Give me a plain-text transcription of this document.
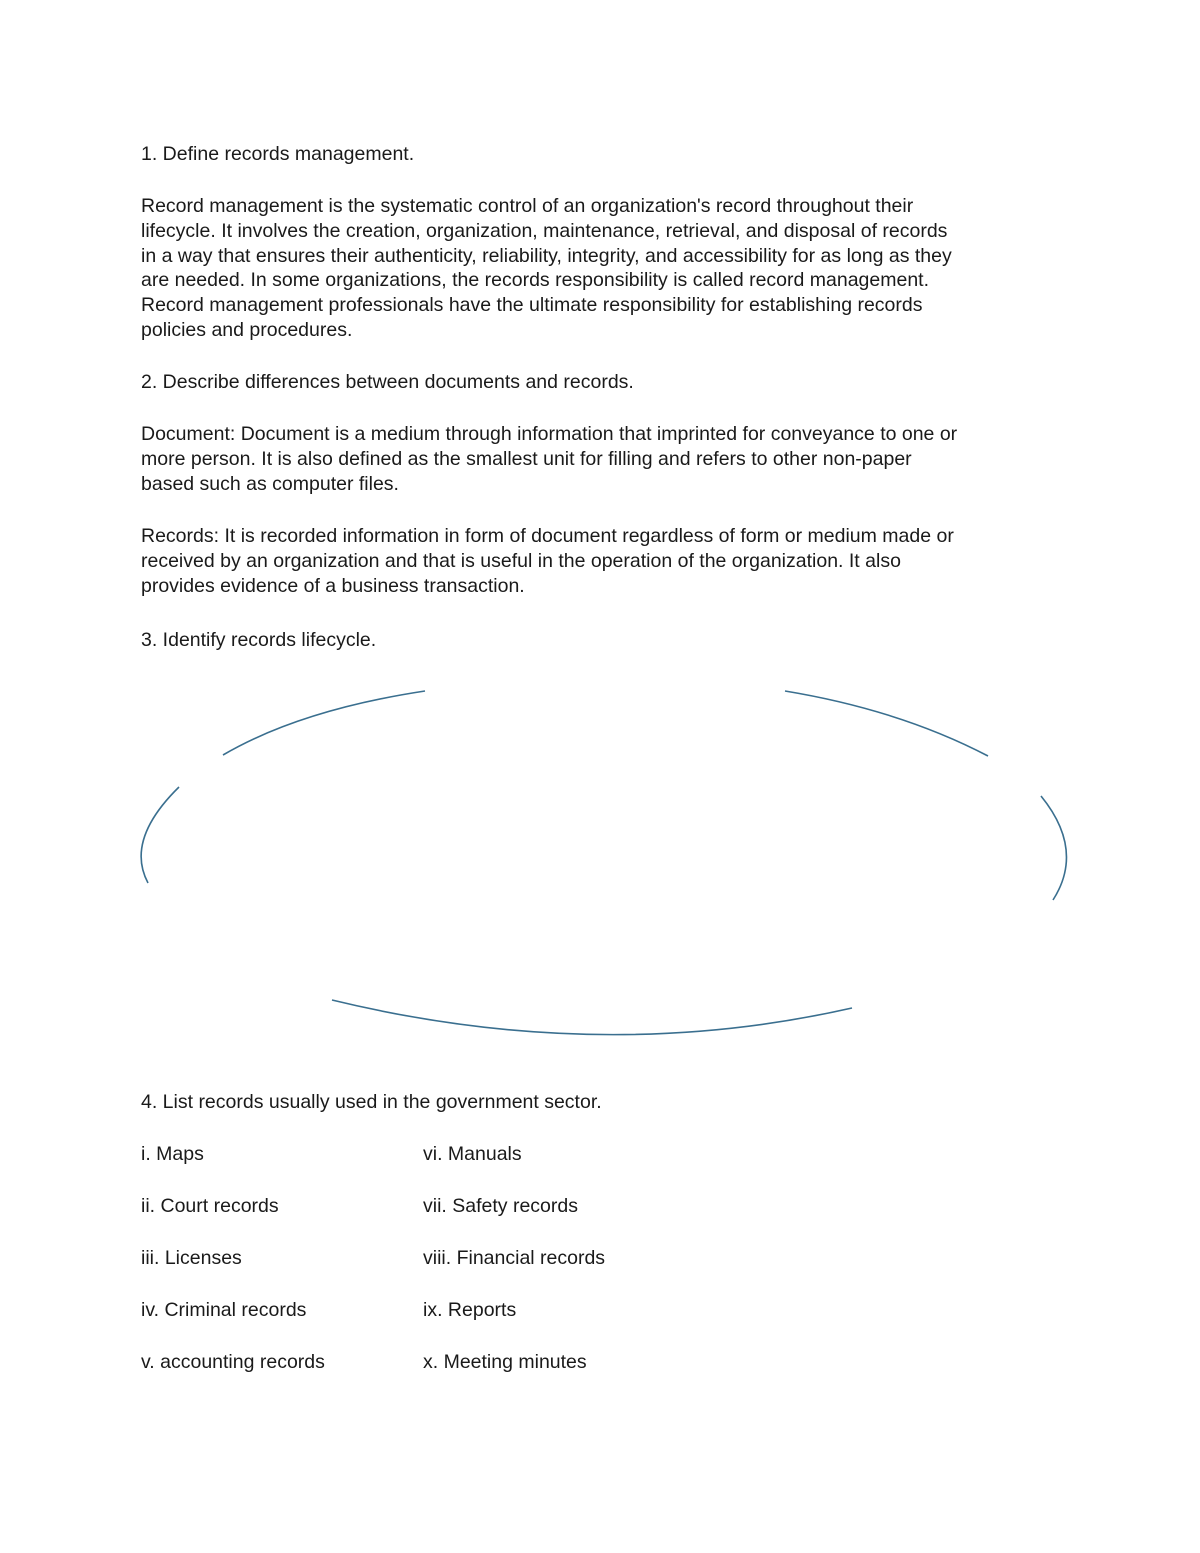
1. Define records management.

Record management is the systematic control of an organization's record throughout their
lifecycle. It involves the creation, organization, maintenance, retrieval, and disposal of records
in a way that ensures their authenticity, reliability, integrity, and accessibility for as long as they
are needed. In some organizations, the records responsibility is called record management.
Record management professionals have the ultimate responsibility for establishing records
policies and procedures.

2. Describe differences between documents and records.

Document: Document is a medium through information that imprinted for conveyance to one or
more person. It is also defined as the smallest unit for filling and refers to other non-paper
based such as computer files.

Records: It is recorded information in form of document regardless of form or medium made or
received by an organization and that is useful in the operation of the organization. It also
provides evidence of a business transaction.

3. Identify records lifecycle.

4. List records usually used in the government sector.

i. Maps
ii. Court records
iii. Licenses
iv. Criminal records
v. accounting records
vi. Manuals
vii. Safety records
viii. Financial records
ix. Reports
x. Meeting minutes
